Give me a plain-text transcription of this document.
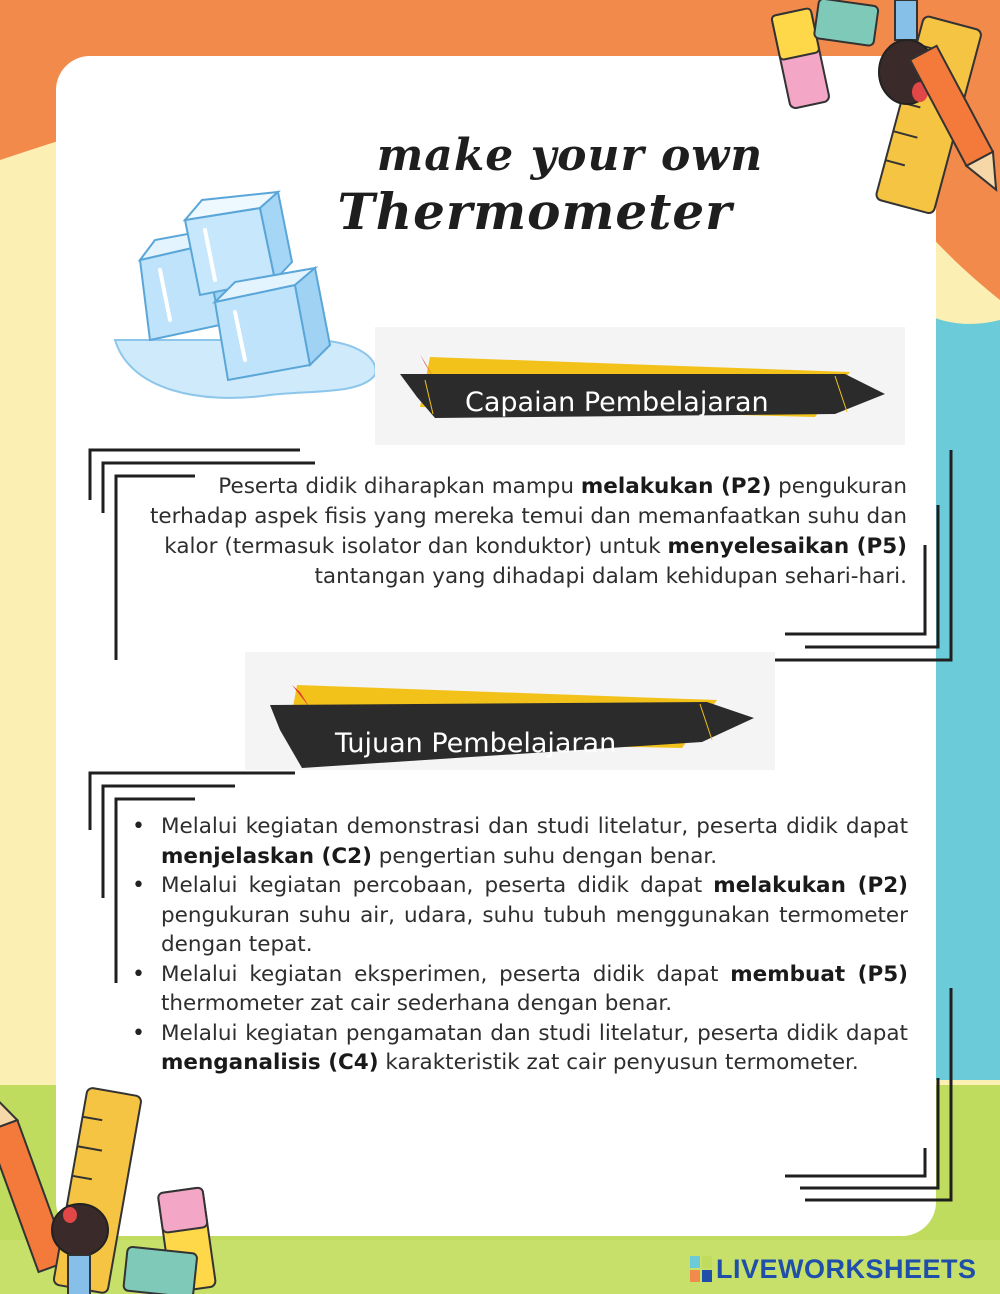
make your own
Thermometer
Capaian Pembelajaran

Peserta didik diharapkan mampu melakukan (P2) pengukuran terhadap aspek fisis yang mereka temui dan memanfaatkan suhu dan kalor (termasuk isolator dan konduktor) untuk menyelesaikan (P5) tantangan yang dihadapi dalam kehidupan sehari-hari.

Tujuan Pembelajaran
• Melalui kegiatan demonstrasi dan studi litelatur, peserta didik dapat menjelaskan (C2) pengertian suhu dengan benar.
• Melalui kegiatan percobaan, peserta didik dapat melakukan (P2) pengukuran suhu air, udara, suhu tubuh menggunakan termometer dengan tepat.
• Melalui kegiatan eksperimen, peserta didik dapat membuat (P5) thermometer zat cair sederhana dengan benar.
• Melalui kegiatan pengamatan dan studi litelatur, peserta didik dapat menganalisis (C4) karakteristik zat cair penyusun termometer.
LIVEWORKSHEETS
